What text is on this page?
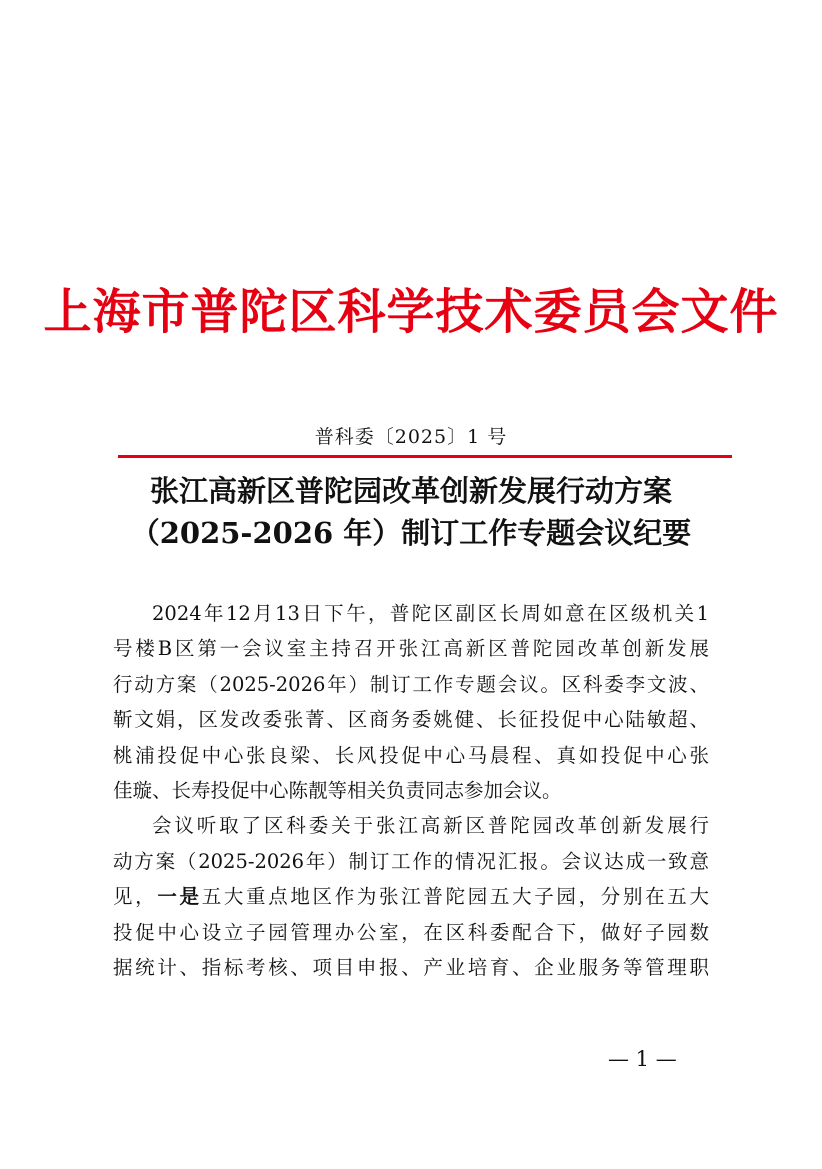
上海市普陀区科学技术委员会文件
普科委〔2025〕1 号
张江高新区普陀园改革创新发展行动方案
（2025-2026 年）制订工作专题会议纪要
2024年12月13日下午，普陀区副区长周如意在区级机关1
号楼B区第一会议室主持召开张江高新区普陀园改革创新发展
行动方案（2025-2026年）制订工作专题会议。区科委李文波、
靳文娟，区发改委张菁、区商务委姚健、长征投促中心陆敏超、
桃浦投促中心张良梁、长风投促中心马晨程、真如投促中心张
佳璇、长寿投促中心陈靓等相关负责同志参加会议。
会议听取了区科委关于张江高新区普陀园改革创新发展行
动方案（2025-2026年）制订工作的情况汇报。会议达成一致意
见，一是五大重点地区作为张江普陀园五大子园，分别在五大
投促中心设立子园管理办公室，在区科委配合下，做好子园数
据统计、指标考核、项目申报、产业培育、企业服务等管理职
— 1 —
